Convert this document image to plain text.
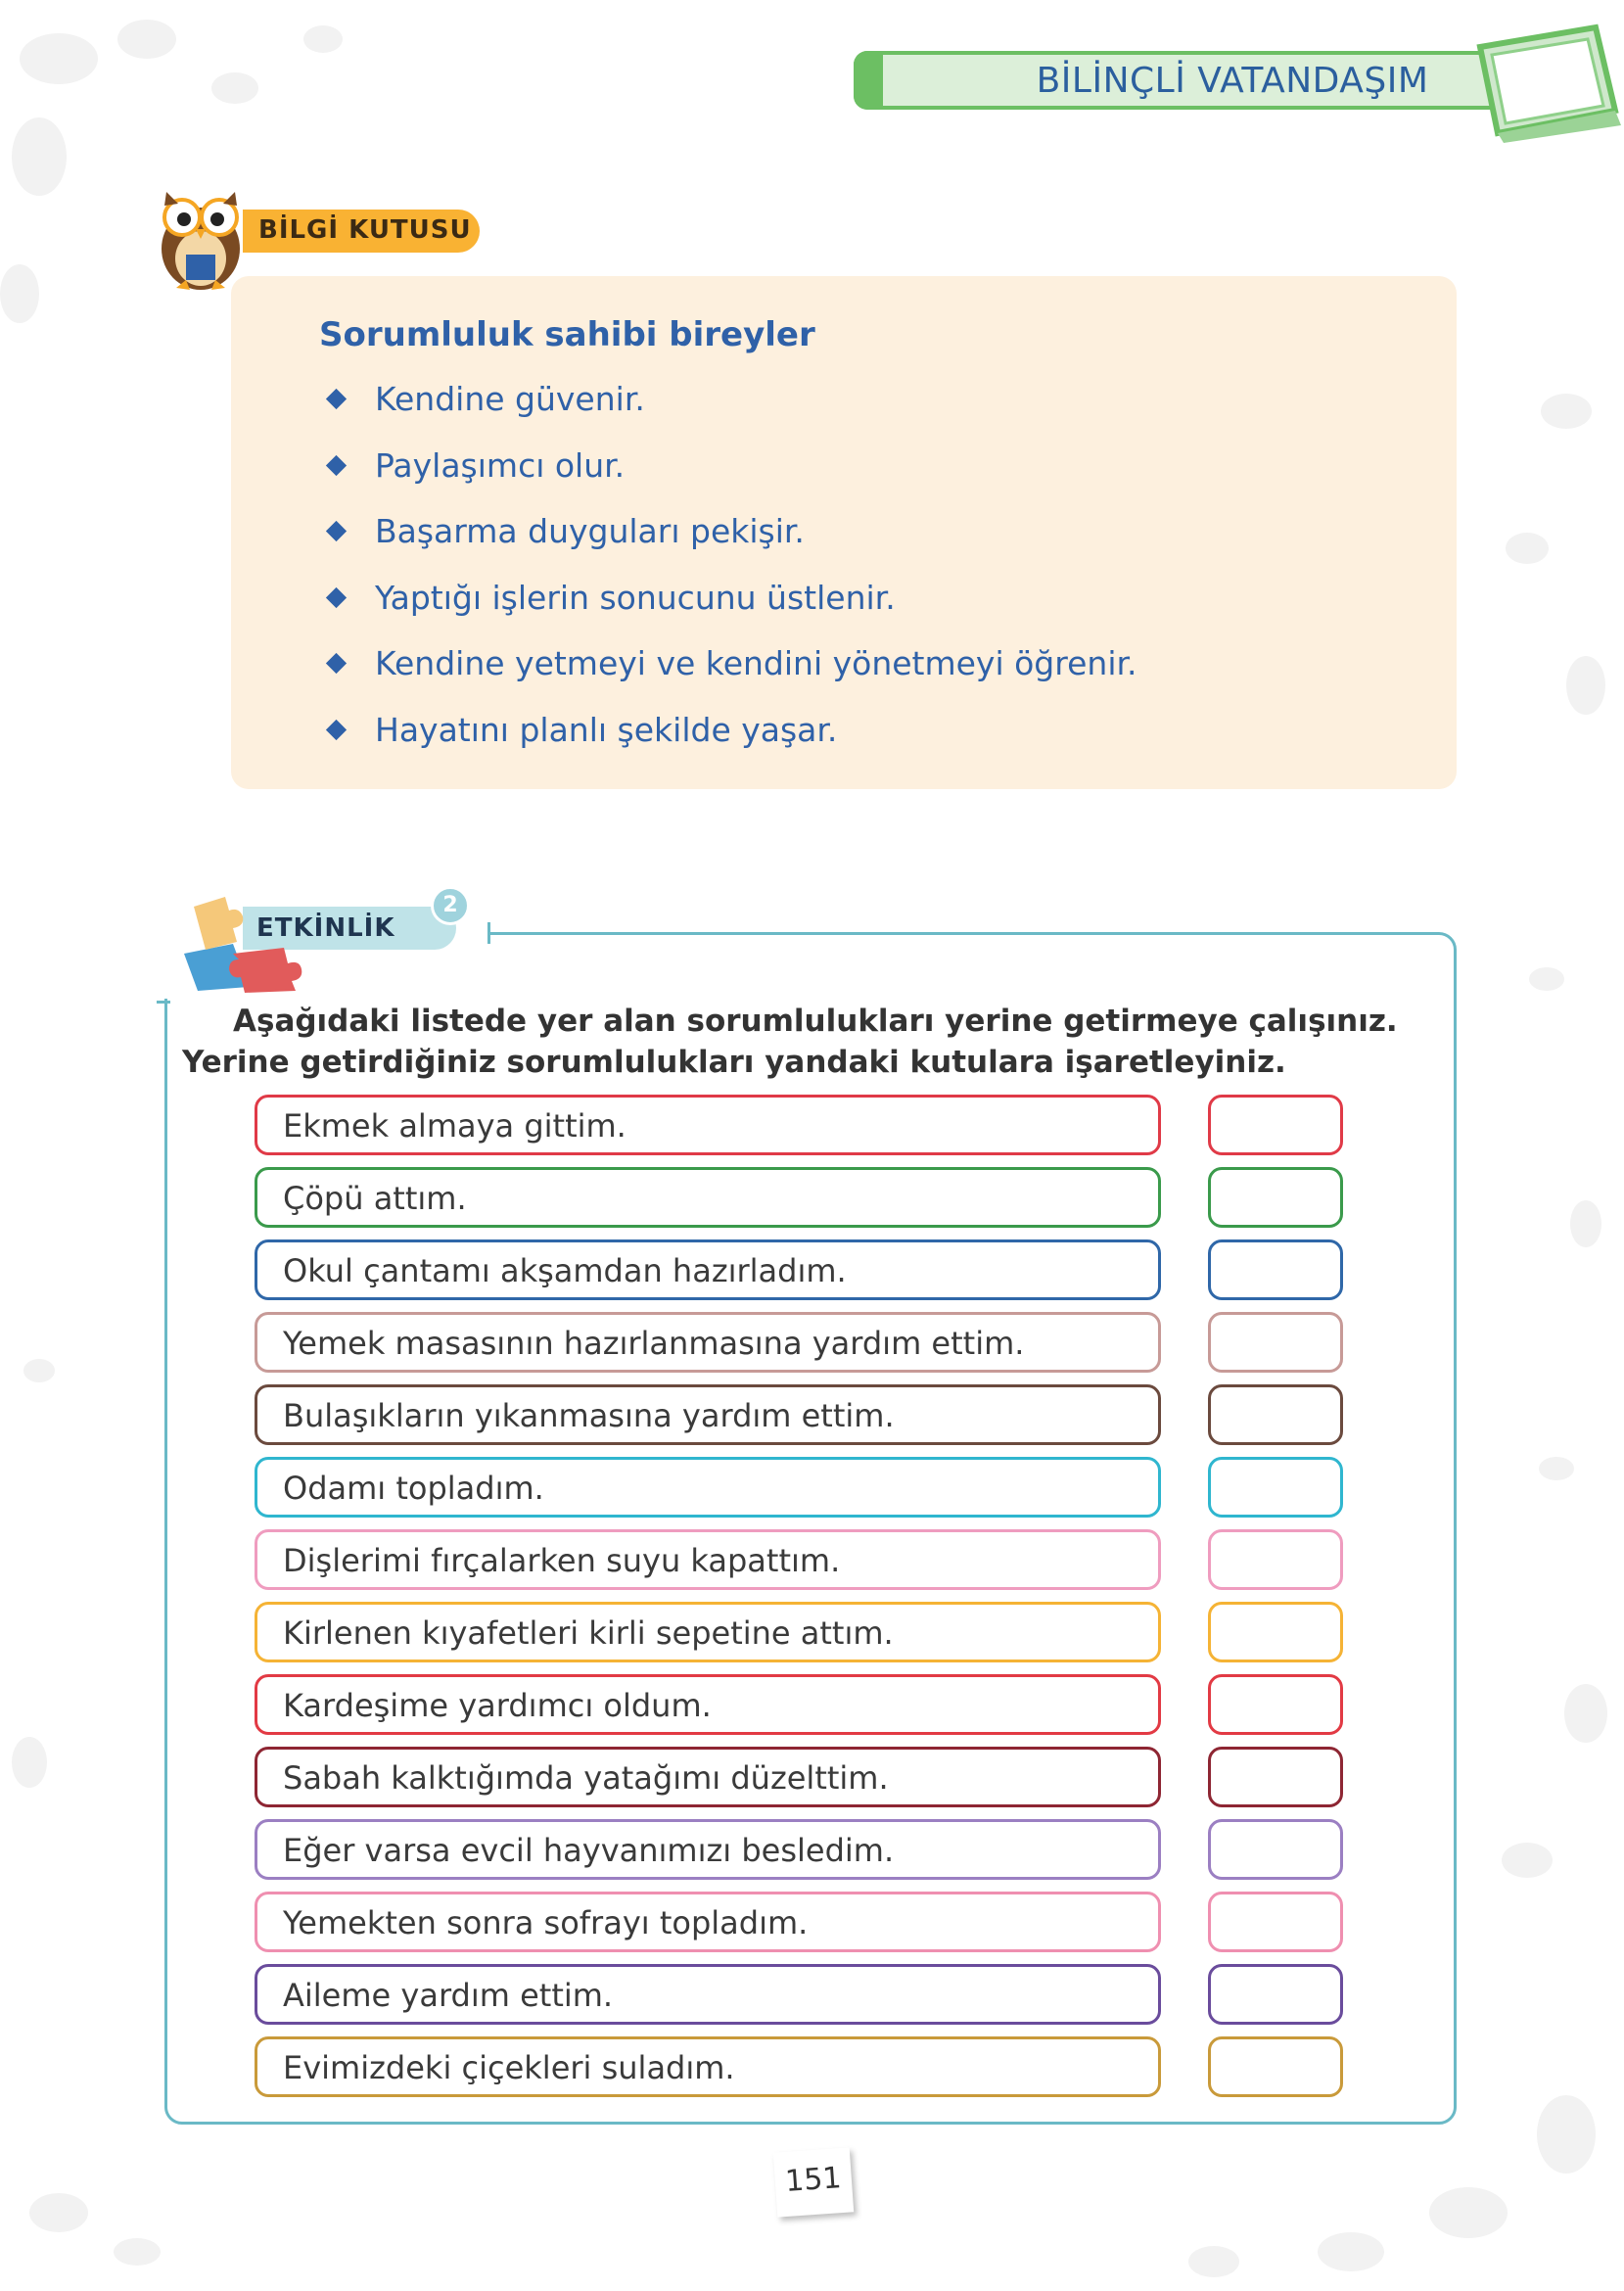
BİLİNÇLİ VATANDAŞIM
BİLGİ KUTUSU
Sorumluluk sahibi bireyler
Kendine güvenir.
Paylaşımcı olur.
Başarma duyguları pekişir.
Yaptığı işlerin sonucunu üstlenir.
Kendine yetmeyi ve kendini yönetmeyi öğrenir.
Hayatını planlı şekilde yaşar.
ETKİNLİK
2
Aşağıdaki listede yer alan sorumlulukları yerine getirmeye çalışınız. Yerine getirdiğiniz sorumlulukları yandaki kutulara işaretleyiniz.
Ekmek almaya gittim.
Çöpü attım.
Okul çantamı akşamdan hazırladım.
Yemek masasının hazırlanmasına yardım ettim.
Bulaşıkların yıkanmasına yardım ettim.
Odamı topladım.
Dişlerimi fırçalarken suyu kapattım.
Kirlenen kıyafetleri kirli sepetine attım.
Kardeşime yardımcı oldum.
Sabah kalktığımda yatağımı düzelttim.
Eğer varsa evcil hayvanımızı besledim.
Yemekten sonra sofrayı topladım.
Aileme yardım ettim.
Evimizdeki çiçekleri suladım.
151
